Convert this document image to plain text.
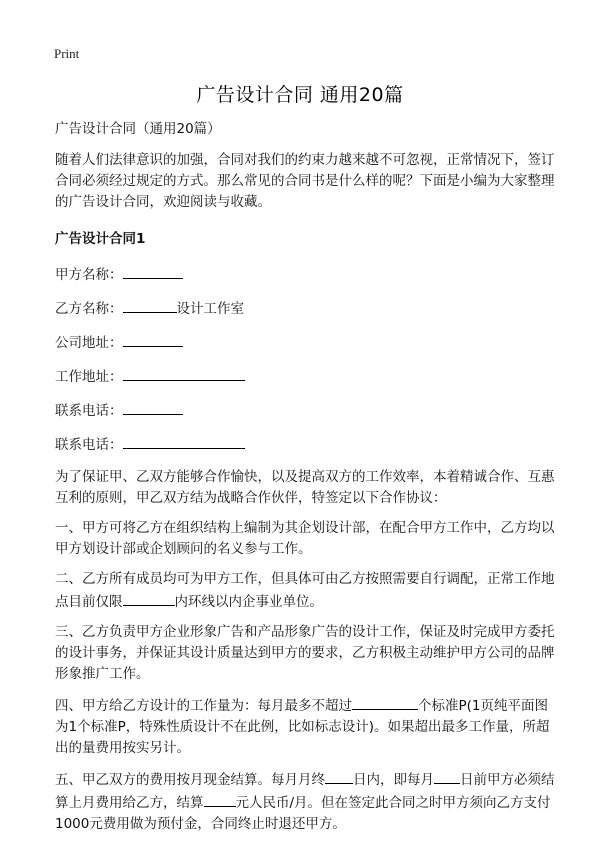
Print
广告设计合同 通用20篇

广告设计合同（通用20篇）

随着人们法律意识的加强，合同对我们的约束力越来越不可忽视，正常情况下，签订合同必须经过规定的方式。那么常见的合同书是什么样的呢？下面是小编为大家整理的广告设计合同，欢迎阅读与收藏。

广告设计合同1

甲方名称：

乙方名称：	设计工作室

公司地址：

工作地址：

联系电话：

联系电话：

为了保证甲、乙双方能够合作愉快，以及提高双方的工作效率，本着精诚合作、互惠互利的原则，甲乙双方结为战略合作伙伴，特签定以下合作协议：

一、甲方可将乙方在组织结构上编制为其企划设计部，在配合甲方工作中，乙方均以甲方划设计部或企划顾问的名义参与工作。

二、乙方所有成员均可为甲方工作，但具体可由乙方按照需要自行调配，正常工作地点目前仅限	内环线以内企事业单位。

三、乙方负责甲方企业形象广告和产品形象广告的设计工作，保证及时完成甲方委托的设计事务，并保证其设计质量达到甲方的要求，乙方积极主动维护甲方公司的品牌形象推广工作。

四、甲方给乙方设计的工作量为：每月最多不超过	个标准P(1页纯平面图为1个标准P，特殊性质设计不在此例，比如标志设计)。如果超出最多工作量，所超出的量费用按实另计。

五、甲乙双方的费用按月现金结算。每月月终 日内，即每月 日前甲方必须结算上月费用给乙方，结算 元人民币/月。但在签定此合同之时甲方须向乙方支付1000元费用做为预付金，合同终止时退还甲方。
